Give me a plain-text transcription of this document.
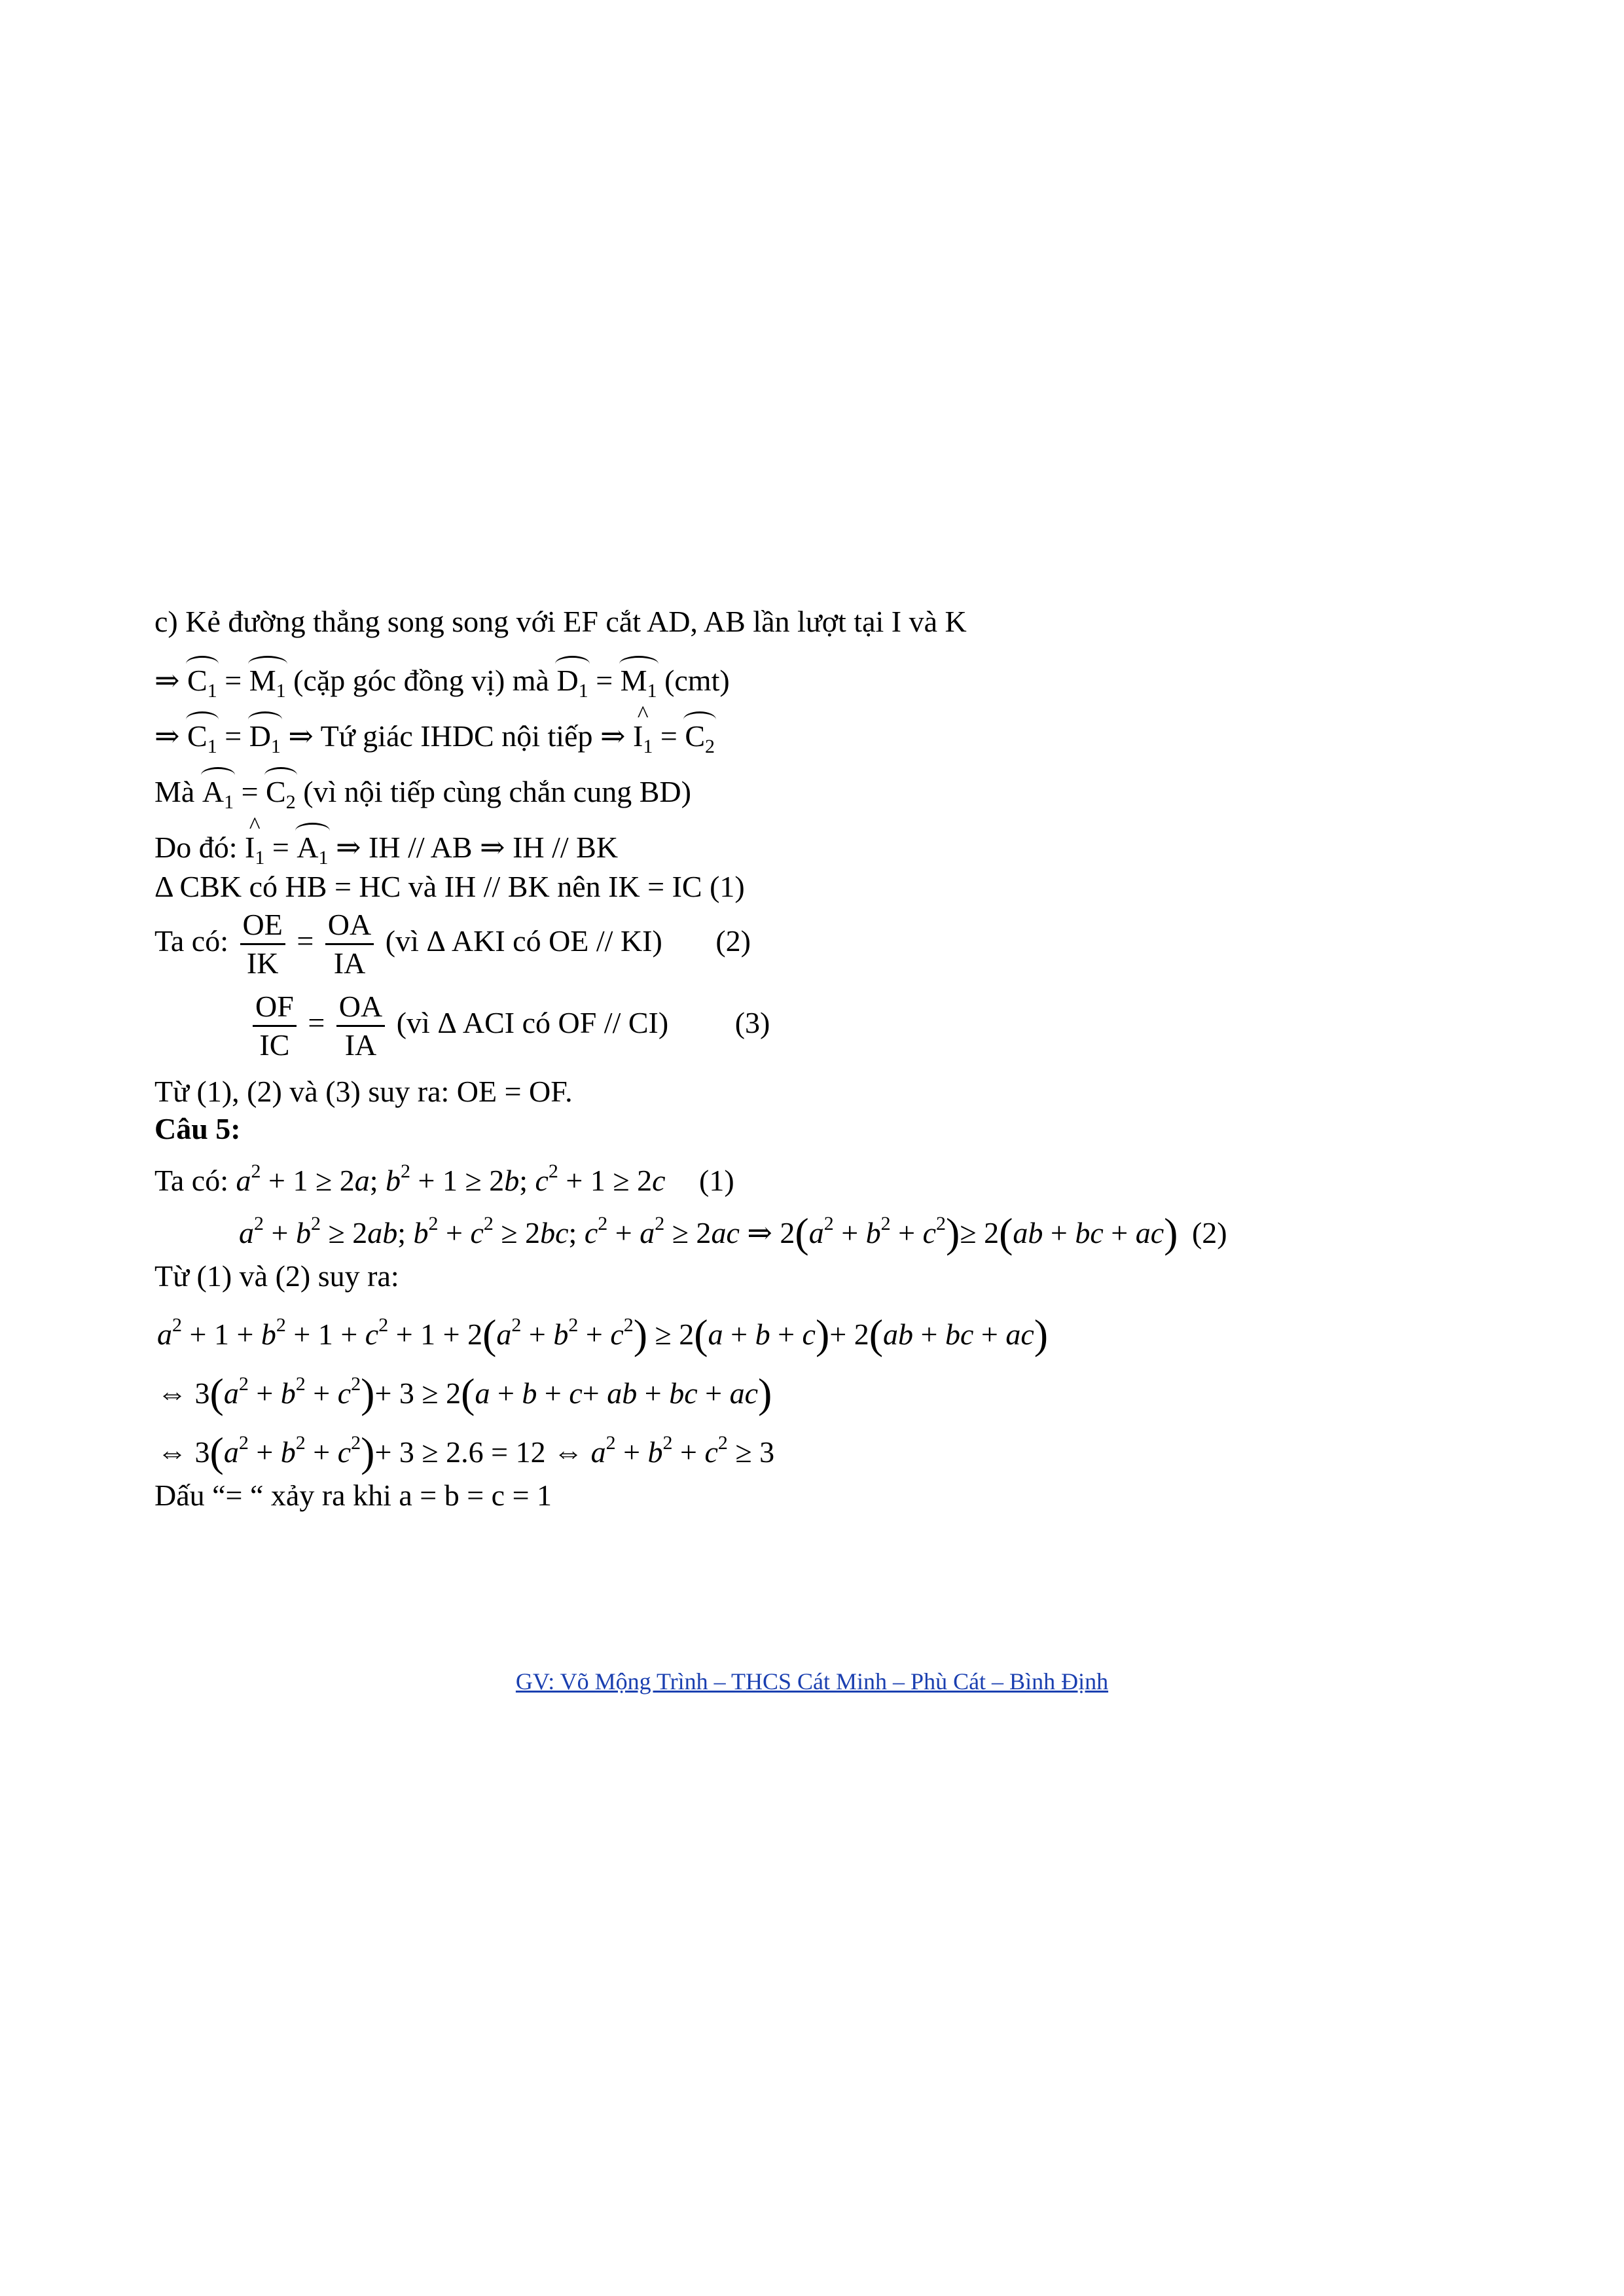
c) Kẻ đường thẳng song song với EF cắt AD, AB lần lượt tại I và K
⇒ $C_1 = M_1$ (cặp góc đồng vị) mà $D_1 = M_1$ (cmt)
⇒ $C_1 = D_1$ ⇒ Tứ giác IHDC nội tiếp ⇒ ^ $I_1 = C_2$
Mà $A_1 = C_2$ (vì nội tiếp cùng chắn cung BD)
Do đó: ^ $I_1 = A_1$ ⇒ IH // AB ⇒ IH // BK
Δ CBK có HB = HC và IH // BK nên IK = IC (1)
Ta có: $\frac{OE}{IK} = \frac{OA}{IA}$ (vì Δ AKI có OE // KI) (2)
$\frac{OF}{IC} = \frac{OA}{IA}$ (vì Δ ACI có OF // CI) (3)
Từ (1), (2) và (3) suy ra: OE = OF.
Câu 5:
Ta có: $a^2 + 1 \ge 2a$; $b^2 + 1 \ge 2b$; $c^2 + 1 \ge 2c$ (1)
$a^2 + b^2 \ge 2ab$; $b^2 + c^2 \ge 2bc$; $c^2 + a^2 \ge 2ac$ ⇒ $2(a^2 + b^2 + c^2)\ge 2(ab$ + bc + ac) (2)
Từ (1) và (2) suy ra:
$a^2 + 1 + b^2 + 1 + c^2 + 1 + 2(a^2 + b^2 + c^2) \ge 2(a + b + c)+ 2(ab$ + bc + ac)
⇔ $3(a^2 + b^2 + c^2)+ 3 \ge 2(a + b + c+$ ab + bc + ac)
⇔ $3(a^2 + b^2 + c^2)+ 3 \ge 2.6 = 12$ ⇔ $a^2 + b^2 + c^2 \ge 3$
Dấu “= “ xảy ra khi a = b = c = 1
GV: Võ Mộng Trình – THCS Cát Minh – Phù Cát – Bình Định
